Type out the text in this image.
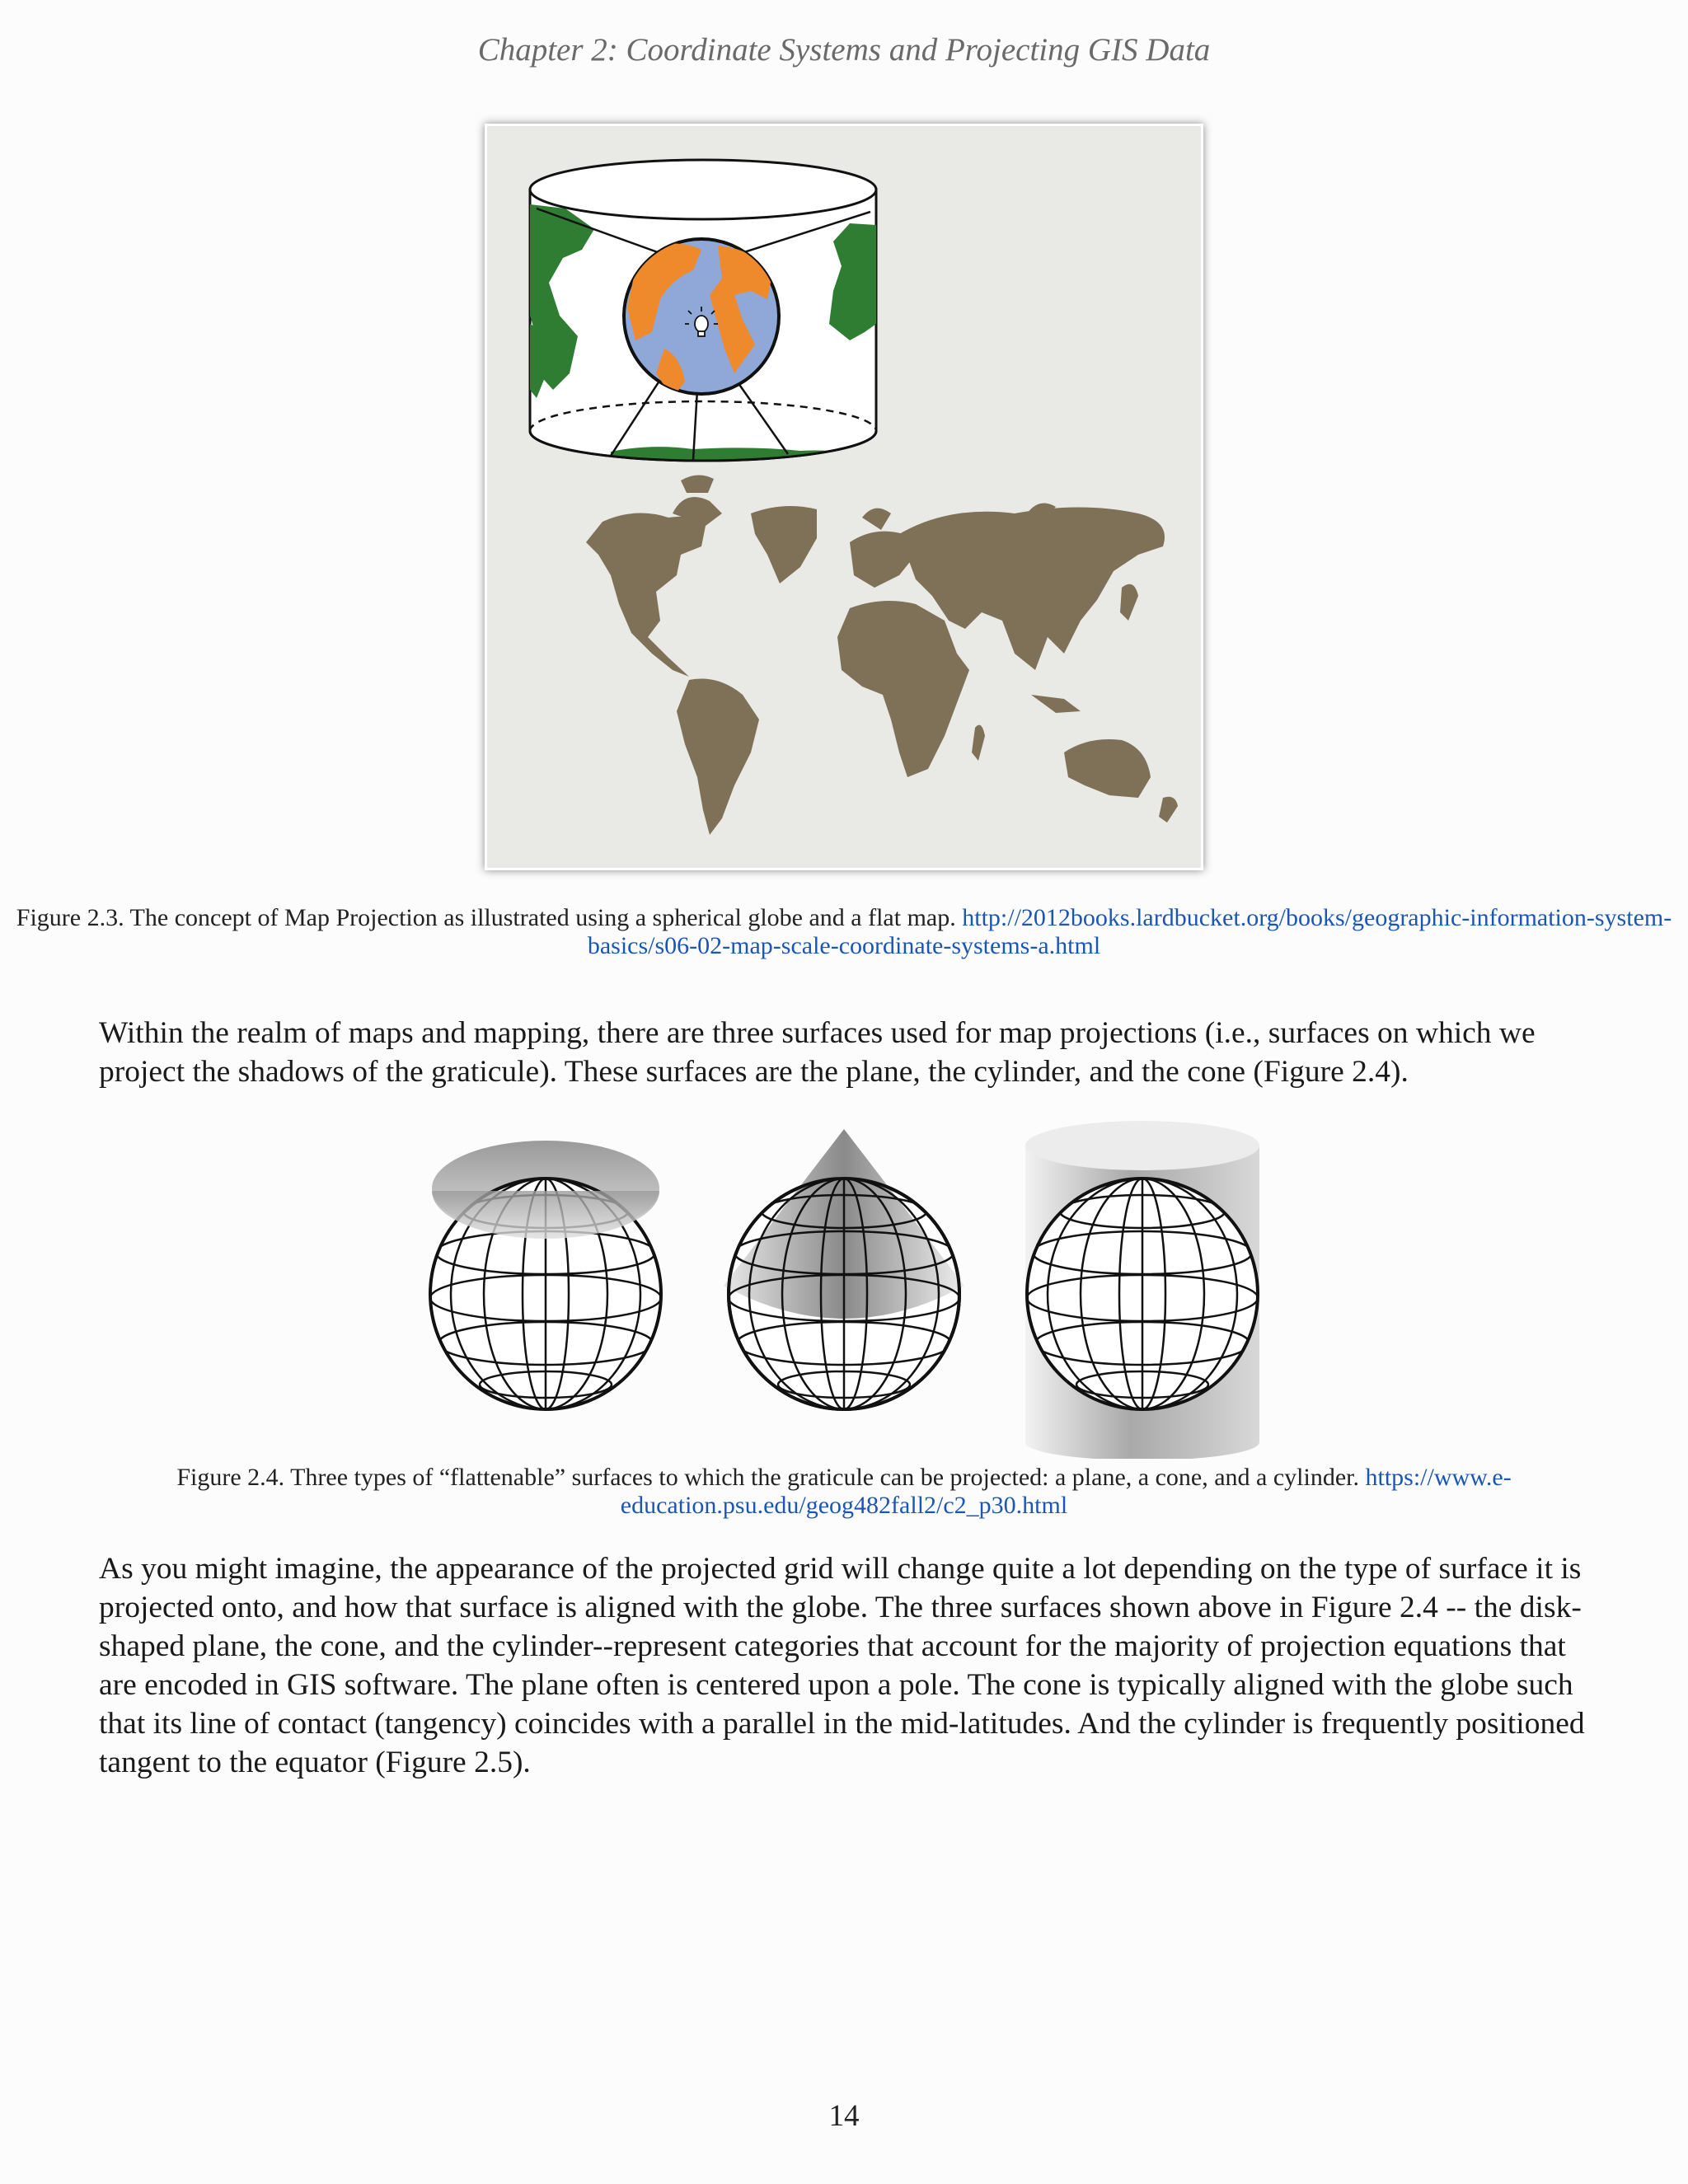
Chapter 2: Coordinate Systems and Projecting GIS Data
Figure 2.3. The concept of Map Projection as illustrated using a spherical globe and a flat map. http://2012books.lardbucket.org/books/geographic-information-system-basics/s06-02-map-scale-coordinate-systems-a.html

Within the realm of maps and mapping, there are three surfaces used for map projections (i.e., surfaces on which we project the shadows of the graticule). These surfaces are the plane, the cylinder, and the cone (Figure 2.4).

Figure 2.4. Three types of “flattenable” surfaces to which the graticule can be projected: a plane, a cone, and a cylinder. https://www.e-education.psu.edu/geog482fall2/c2_p30.html

As you might imagine, the appearance of the projected grid will change quite a lot depending on the type of surface it is projected onto, and how that surface is aligned with the globe. The three surfaces shown above in Figure 2.4 -- the disk-shaped plane, the cone, and the cylinder--represent categories that account for the majority of projection equations that are encoded in GIS software. The plane often is centered upon a pole. The cone is typically aligned with the globe such that its line of contact (tangency) coincides with a parallel in the mid-latitudes. And the cylinder is frequently positioned tangent to the equator (Figure 2.5).

14
